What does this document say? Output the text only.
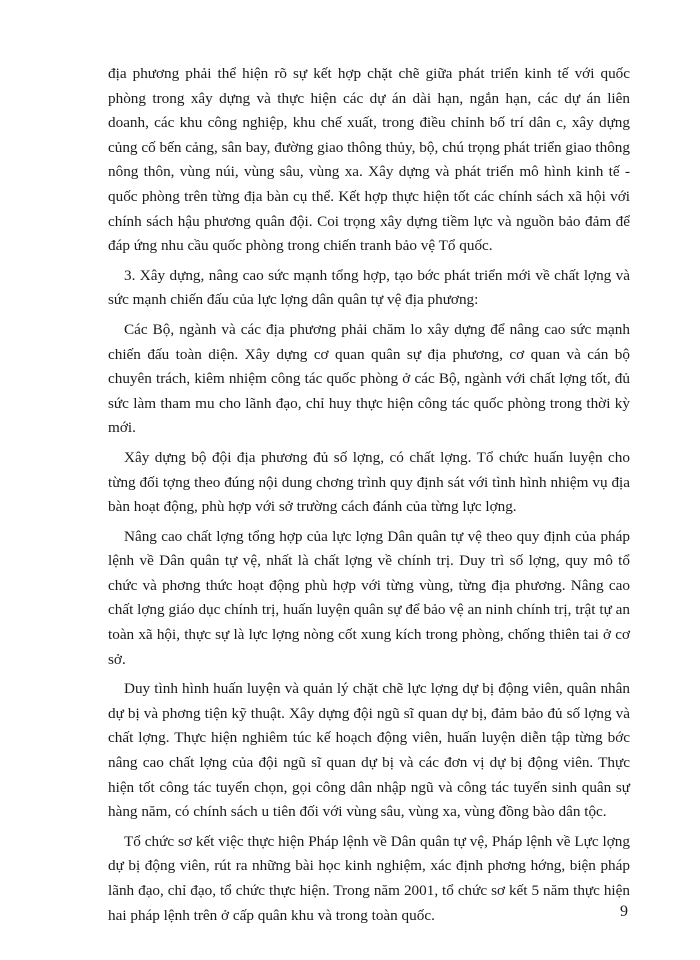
địa phương phải thể hiện rõ sự kết hợp chặt chẽ giữa phát triển kinh tế với quốc phòng trong xây dựng và thực hiện các dự án dài hạn, ngắn hạn, các dự án liên doanh, các khu công nghiệp, khu chế xuất, trong điều chỉnh bố trí dân c, xây dựng củng cố bến cảng, sân bay, đường giao thông thủy, bộ, chú trọng phát triển giao thông nông thôn, vùng núi, vùng sâu, vùng xa. Xây dựng và phát triển mô hình kinh tế - quốc phòng trên từng địa bàn cụ thể. Kết hợp thực hiện tốt các chính sách xã hội với chính sách hậu phương quân đội. Coi trọng xây dựng tiềm lực và nguồn bảo đảm để đáp ứng nhu cầu quốc phòng trong chiến tranh bảo vệ Tổ quốc.

3. Xây dựng, nâng cao sức mạnh tổng hợp, tạo bớc phát triển mới về chất lợng và sức mạnh chiến đấu của lực lợng dân quân tự vệ địa phương:

Các Bộ, ngành và các địa phương phải chăm lo xây dựng để nâng cao sức mạnh chiến đấu toàn diện. Xây dựng cơ quan quân sự địa phương, cơ quan và cán bộ chuyên trách, kiêm nhiệm công tác quốc phòng ở các Bộ, ngành với chất lợng tốt, đủ sức làm tham mu cho lãnh đạo, chỉ huy thực hiện công tác quốc phòng trong thời kỳ mới.

Xây dựng bộ đội địa phương đủ số lợng, có chất lợng. Tổ chức huấn luyện cho từng đối tợng theo đúng nội dung chơng trình quy định sát với tình hình nhiệm vụ địa bàn hoạt động, phù hợp với sở trường cách đánh của từng lực lợng.

Nâng cao chất lợng tổng hợp của lực lợng Dân quân tự vệ theo quy định của pháp lệnh về Dân quân tự vệ, nhất là chất lợng về chính trị. Duy trì số lợng, quy mô tổ chức và phơng thức hoạt động phù hợp với từng vùng, từng địa phương. Nâng cao chất lợng giáo dục chính trị, huấn luyện quân sự để bảo vệ an ninh chính trị, trật tự an toàn xã hội, thực sự là lực lợng nòng cốt xung kích trong phòng, chống thiên tai ở cơ sở.

Duy tình hình huấn luyện và quản lý chặt chẽ lực lợng dự bị động viên, quân nhân dự bị và phơng tiện kỹ thuật. Xây dựng đội ngũ sĩ quan dự bị, đảm bảo đủ số lợng và chất lợng. Thực hiện nghiêm túc kế hoạch động viên, huấn luyện diễn tập từng bớc nâng cao chất lợng của đội ngũ sĩ quan dự bị và các đơn vị dự bị động viên. Thực hiện tốt công tác tuyển chọn, gọi công dân nhập ngũ và công tác tuyển sinh quân sự hàng năm, có chính sách u tiên đối với vùng sâu, vùng xa, vùng đồng bào dân tộc.

Tổ chức sơ kết việc thực hiện Pháp lệnh về Dân quân tự vệ, Pháp lệnh về Lực lợng dự bị động viên, rút ra những bài học kinh nghiệm, xác định phơng hớng, biện pháp lãnh đạo, chỉ đạo, tổ chức thực hiện. Trong năm 2001, tổ chức sơ kết 5 năm thực hiện hai pháp lệnh trên ở cấp quân khu và trong toàn quốc.	9
